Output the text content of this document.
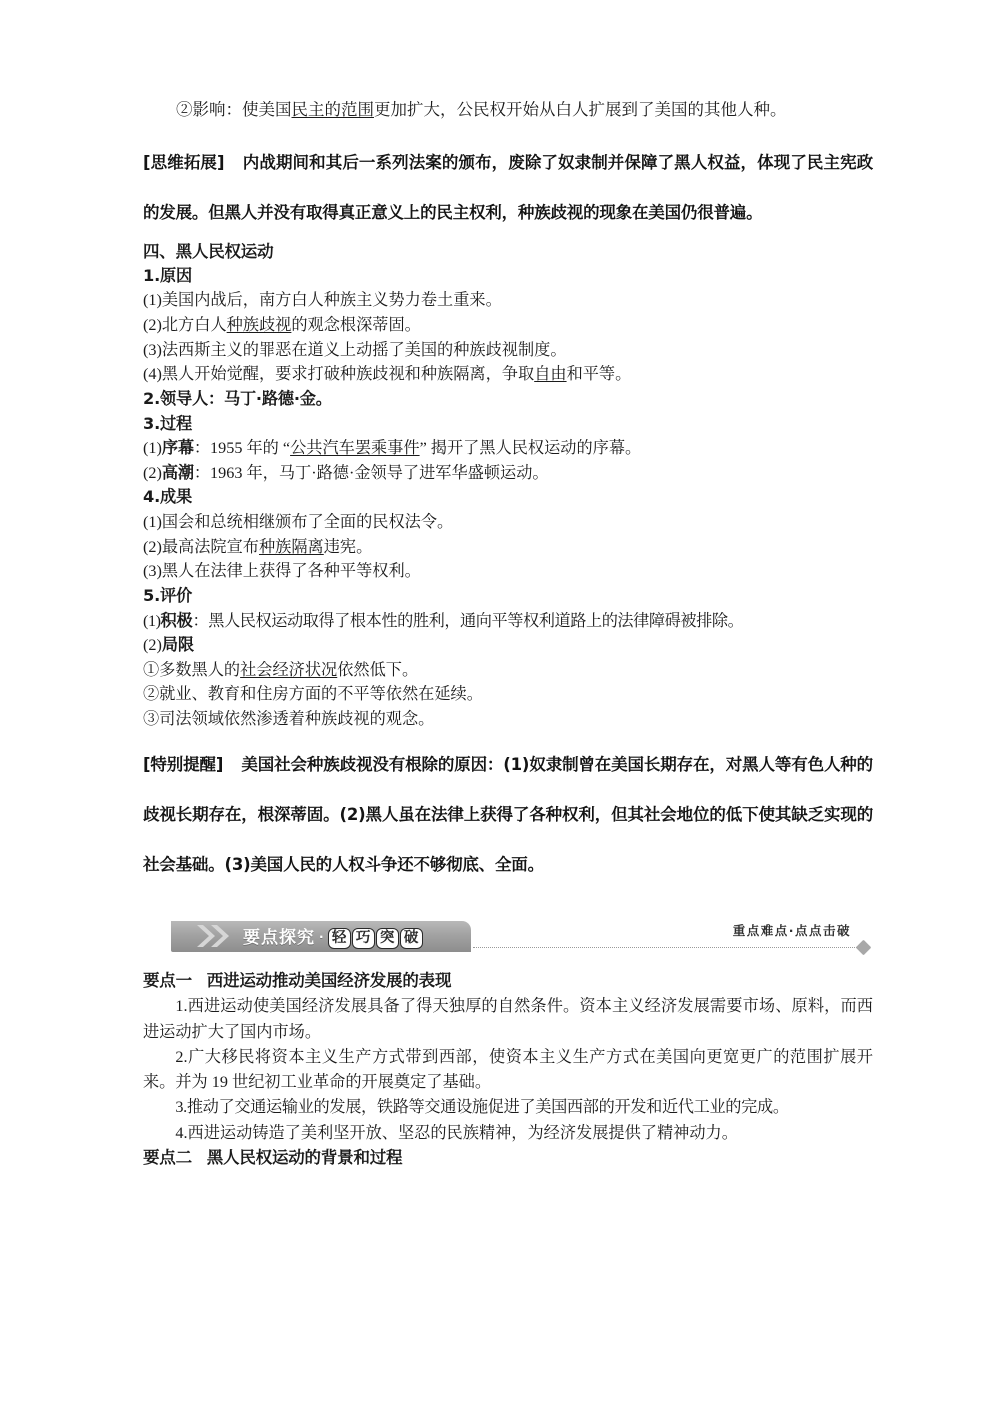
②影响：使美国民主的范围更加扩大，公民权开始从白人扩展到了美国的其他人种。

[思维拓展] 内战期间和其后一系列法案的颁布，废除了奴隶制并保障了黑人权益，体现了民主宪政的发展。但黑人并没有取得真正意义上的民主权利，种族歧视的现象在美国仍很普遍。

四、黑人民权运动

1.原因

(1)美国内战后，南方白人种族主义势力卷土重来。

(2)北方白人种族歧视的观念根深蒂固。

(3)法西斯主义的罪恶在道义上动摇了美国的种族歧视制度。

(4)黑人开始觉醒，要求打破种族歧视和种族隔离，争取自由和平等。

2.领导人：马丁·路德·金。

3.过程

(1)序幕：1955 年的 “公共汽车罢乘事件” 揭开了黑人民权运动的序幕。

(2)高潮：1963 年，马丁·路德·金领导了进军华盛顿运动。

4.成果

(1)国会和总统相继颁布了全面的民权法令。

(2)最高法院宣布种族隔离违宪。

(3)黑人在法律上获得了各种平等权利。

5.评价

(1)积极：黑人民权运动取得了根本性的胜利，通向平等权利道路上的法律障碍被排除。

(2)局限

①多数黑人的社会经济状况依然低下。

②就业、教育和住房方面的不平等依然在延续。

③司法领域依然渗透着种族歧视的观念。

[特别提醒] 美国社会种族歧视没有根除的原因：(1)奴隶制曾在美国长期存在，对黑人等有色人种的歧视长期存在，根深蒂固。(2)黑人虽在法律上获得了各种权利，但其社会地位的低下使其缺乏实现的社会基础。(3)美国人民的人权斗争还不够彻底、全面。

要点探究 · 轻 巧 突 破	重点难点·点点击破

要点一 西进运动推动美国经济发展的表现

1.西进运动使美国经济发展具备了得天独厚的自然条件。资本主义经济发展需要市场、原料，而西进运动扩大了国内市场。

2.广大移民将资本主义生产方式带到西部，使资本主义生产方式在美国向更宽更广的范围扩展开来。并为 19 世纪初工业革命的开展奠定了基础。

3.推动了交通运输业的发展，铁路等交通设施促进了美国西部的开发和近代工业的完成。

4.西进运动铸造了美利坚开放、坚忍的民族精神，为经济发展提供了精神动力。

要点二 黑人民权运动的背景和过程
